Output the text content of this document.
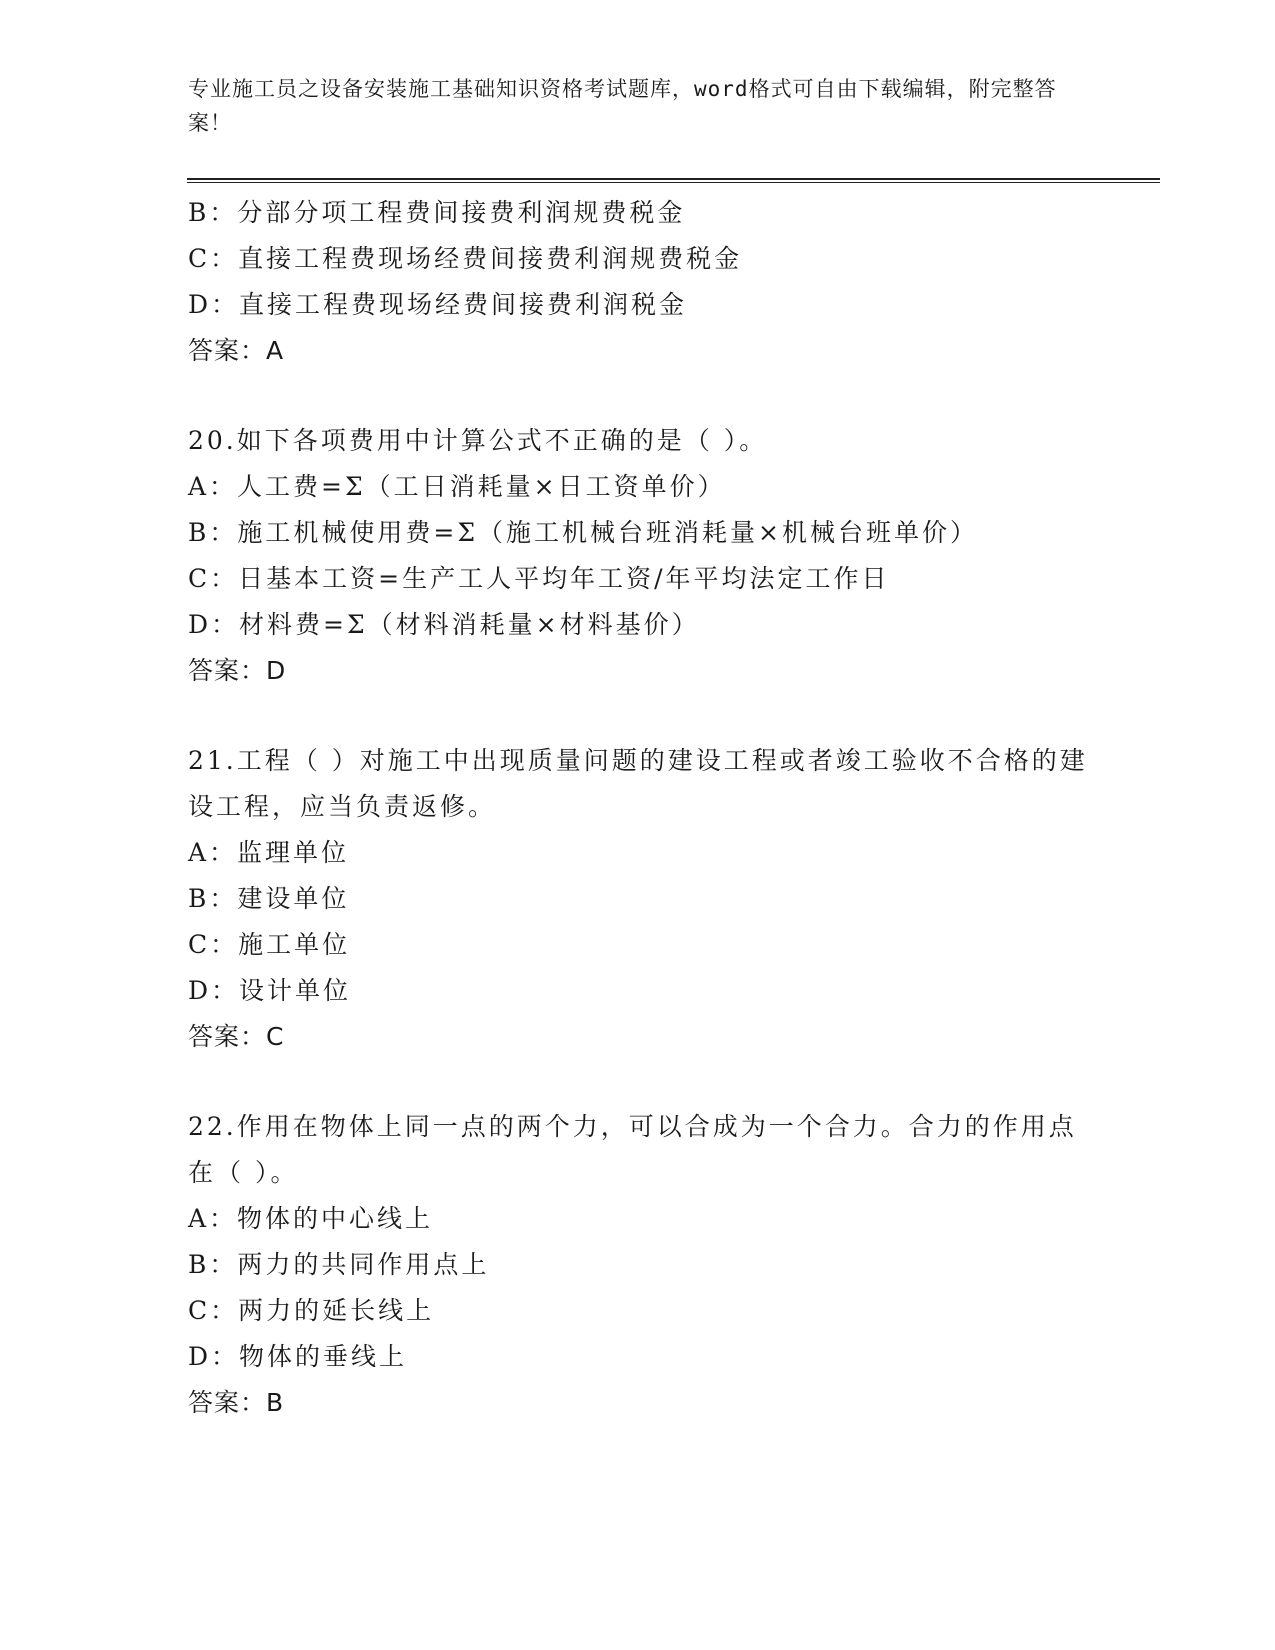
专业施工员之设备安装施工基础知识资格考试题库，word格式可自由下载编辑，附完整答案！
B：分部分项工程费间接费利润规费税金
C：直接工程费现场经费间接费利润规费税金
D：直接工程费现场经费间接费利润税金
答案：A
20.如下各项费用中计算公式不正确的是（ ）。
A：人工费=Σ（工日消耗量×日工资单价）
B：施工机械使用费=Σ（施工机械台班消耗量×机械台班单价）
C：日基本工资=生产工人平均年工资/年平均法定工作日
D：材料费=Σ（材料消耗量×材料基价）
答案：D
21.工程（ ）对施工中出现质量问题的建设工程或者竣工验收不合格的建设工程，应当负责返修。
A：监理单位
B：建设单位
C：施工单位
D：设计单位
答案：C
22.作用在物体上同一点的两个力，可以合成为一个合力。合力的作用点在（ ）。
A：物体的中心线上
B：两力的共同作用点上
C：两力的延长线上
D：物体的垂线上
答案：B
